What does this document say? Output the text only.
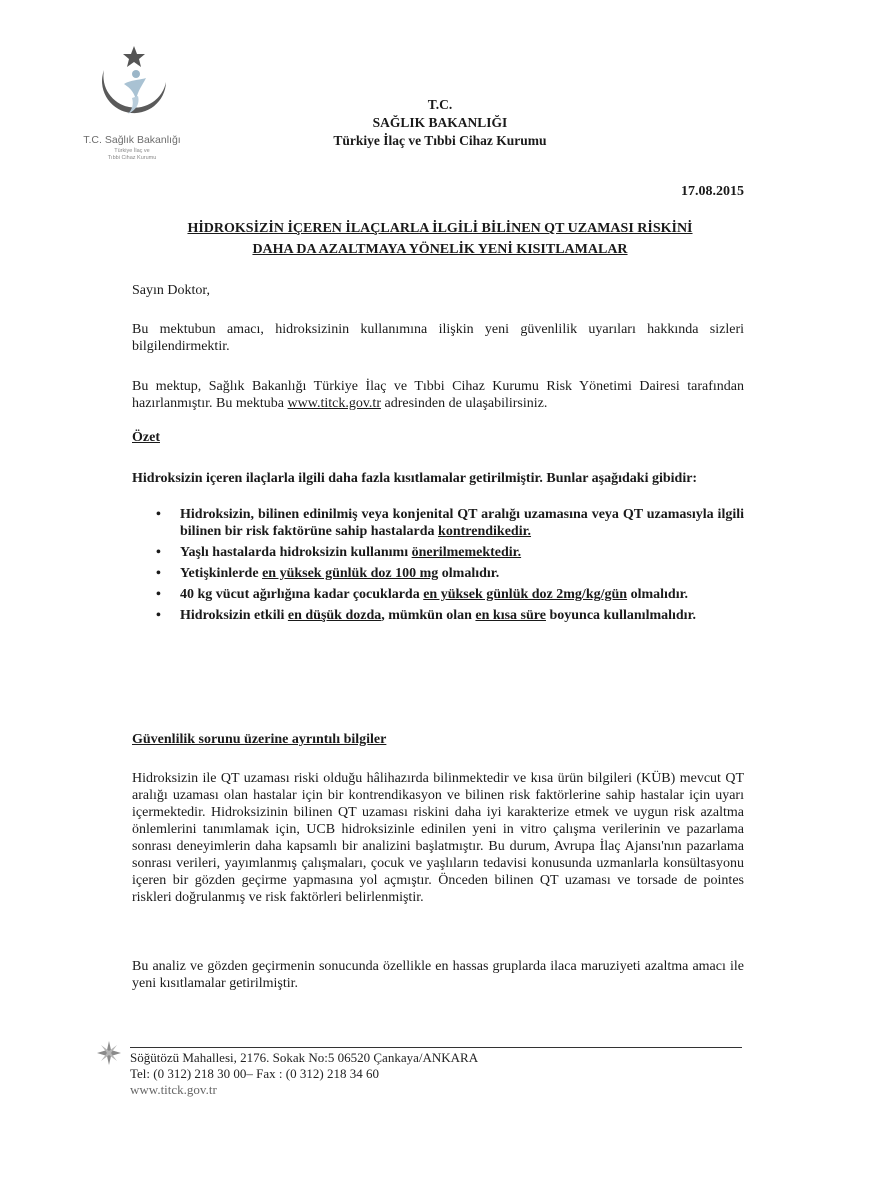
T.C. Sağlık Bakanlığı
Türkiye İlaç ve
Tıbbi Cihaz Kurumu
T.C.
SAĞLIK BAKANLIĞI
Türkiye İlaç ve Tıbbi Cihaz Kurumu
17.08.2015
HİDROKSİZİN İÇEREN İLAÇLARLA İLGİLİ BİLİNEN QT UZAMASI RİSKİNİ
DAHA DA AZALTMAYA YÖNELİK YENİ KISITLAMALAR
Sayın Doktor,
Bu mektubun amacı, hidroksizinin kullanımına ilişkin yeni güvenlilik uyarıları hakkında sizleri bilgilendirmektir.
Bu mektup, Sağlık Bakanlığı Türkiye İlaç ve Tıbbi Cihaz Kurumu Risk Yönetimi Dairesi tarafından hazırlanmıştır. Bu mektuba www.titck.gov.tr adresinden de ulaşabilirsiniz.
Özet
Hidroksizin içeren ilaçlarla ilgili daha fazla kısıtlamalar getirilmiştir. Bunlar aşağıdaki gibidir:
• Hidroksizin, bilinen edinilmiş veya konjenital QT aralığı uzamasına veya QT uzamasıyla ilgili bilinen bir risk faktörüne sahip hastalarda kontrendikedir.
• Yaşlı hastalarda hidroksizin kullanımı önerilmemektedir.
• Yetişkinlerde en yüksek günlük doz 100 mg olmalıdır.
• 40 kg vücut ağırlığına kadar çocuklarda en yüksek günlük doz 2mg/kg/gün olmalıdır.
• Hidroksizin etkili en düşük dozda, mümkün olan en kısa süre boyunca kullanılmalıdır.
Güvenlilik sorunu üzerine ayrıntılı bilgiler
Hidroksizin ile QT uzaması riski olduğu hâlihazırda bilinmektedir ve kısa ürün bilgileri (KÜB) mevcut QT aralığı uzaması olan hastalar için bir kontrendikasyon ve bilinen risk faktörlerine sahip hastalar için uyarı içermektedir. Hidroksizinin bilinen QT uzaması riskini daha iyi karakterize etmek ve uygun risk azaltma önlemlerini tanımlamak için, UCB hidroksizinle edinilen yeni in vitro çalışma verilerinin ve pazarlama sonrası deneyimlerin daha kapsamlı bir analizini başlatmıştır. Bu durum, Avrupa İlaç Ajansı'nın pazarlama sonrası verileri, yayımlanmış çalışmaları, çocuk ve yaşlıların tedavisi konusunda uzmanlarla konsültasyonu içeren bir gözden geçirme yapmasına yol açmıştır. Önceden bilinen QT uzaması ve torsade de pointes riskleri doğrulanmış ve risk faktörleri belirlenmiştir.
Bu analiz ve gözden geçirmenin sonucunda özellikle en hassas gruplarda ilaca maruziyeti azaltma amacı ile yeni kısıtlamalar getirilmiştir.
Söğütözü Mahallesi, 2176. Sokak No:5 06520 Çankaya/ANKARA
Tel: (0 312) 218 30 00– Fax : (0 312) 218 34 60
www.titck.gov.tr
